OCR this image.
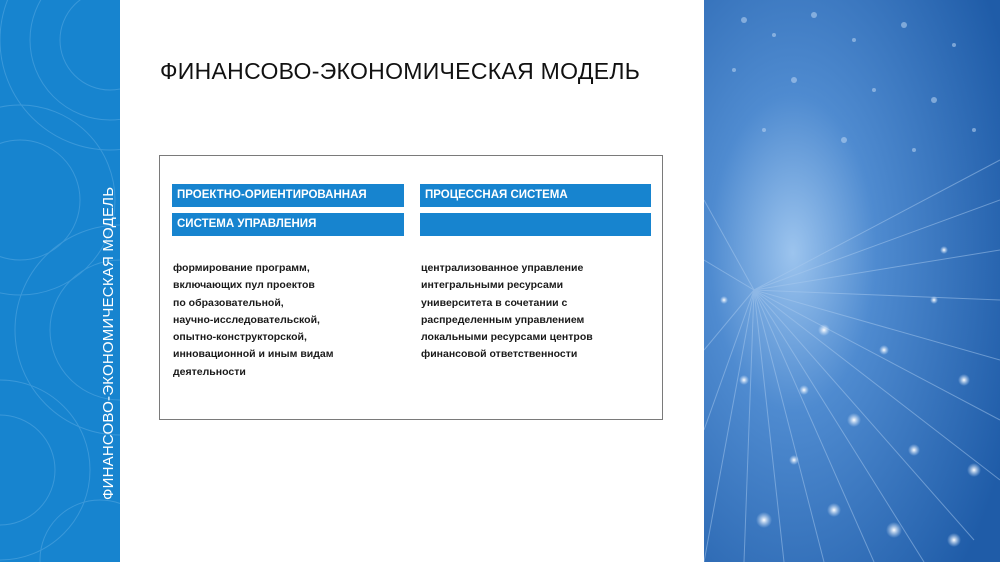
ФИНАНСОВО-ЭКОНОМИЧЕСКАЯ МОДЕЛЬ
ФИНАНСОВО-ЭКОНОМИЧЕСКАЯ МОДЕЛЬ
ПРОЕКТНО-ОРИЕНТИРОВАННАЯ
СИСТЕМА УПРАВЛЕНИЯ
ПРОЦЕССНАЯ СИСТЕМА
формирование программ,
включающих пул проектов
по образовательной,
научно-исследовательской,
опытно-конструкторской,
инновационной и иным видам
деятельности
централизованное управление
интегральными ресурсами
университета в сочетании с
распределенным управлением
локальными ресурсами центров
финансовой ответственности
